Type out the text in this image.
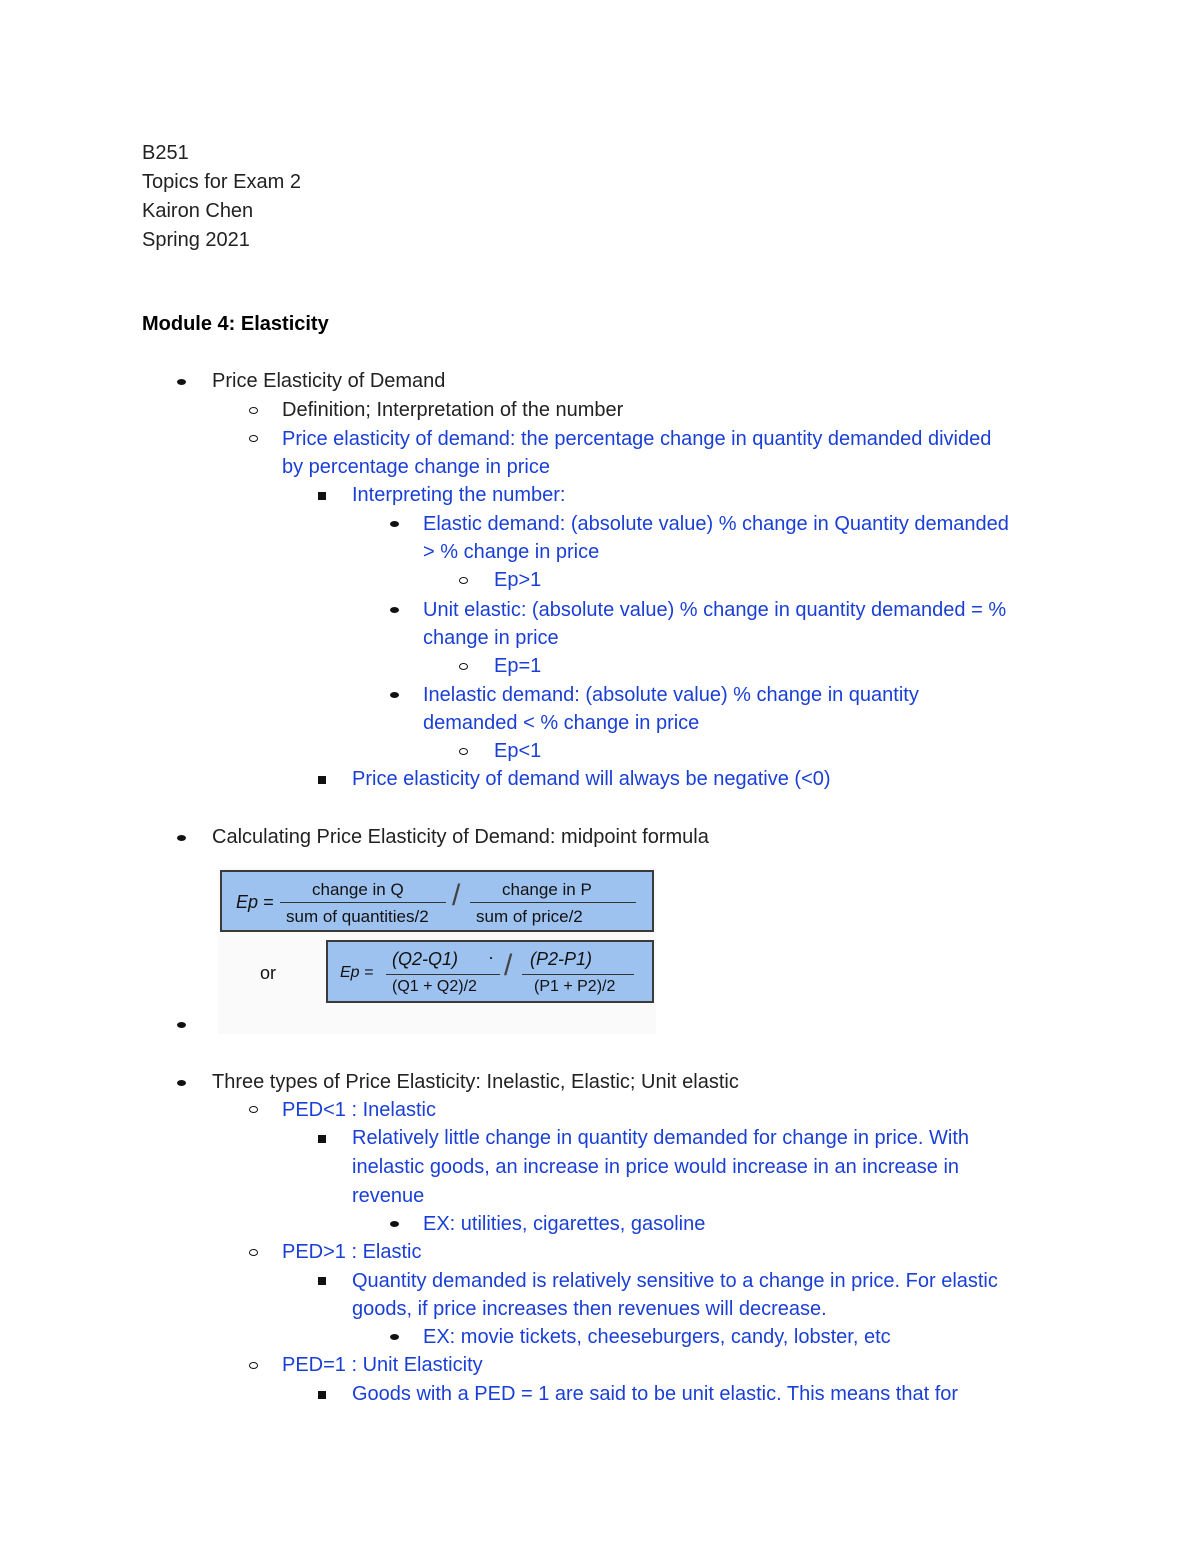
B251
Topics for Exam 2
Kairon Chen
Spring 2021
Module 4: Elasticity
Price Elasticity of Demand
Definition; Interpretation of the number
Price elasticity of demand: the percentage change in quantity demanded divided
by percentage change in price
Interpreting the number:
Elastic demand: (absolute value) % change in Quantity demanded
> % change in price
Ep>1
Unit elastic: (absolute value) % change in quantity demanded = %
change in price
Ep=1
Inelastic demand: (absolute value) % change in quantity
demanded < % change in price
Ep<1
Price elasticity of demand will always be negative (<0)
Calculating Price Elasticity of Demand: midpoint formula
Ep =
change in Q
sum of quantities/2
/ change in P
sum of price/2
or	Ep =
(Q2-Q1) ·
(Q1 + Q2)/2
/ (P2-P1)
(P1 + P2)/2
Three types of Price Elasticity: Inelastic, Elastic; Unit elastic
PED<1 : Inelastic
Relatively little change in quantity demanded for change in price. With
inelastic goods, an increase in price would increase in an increase in
revenue
EX: utilities, cigarettes, gasoline
PED>1 : Elastic
Quantity demanded is relatively sensitive to a change in price. For elastic
goods, if price increases then revenues will decrease.
EX: movie tickets, cheeseburgers, candy, lobster, etc
PED=1 : Unit Elasticity
Goods with a PED = 1 are said to be unit elastic. This means that for
